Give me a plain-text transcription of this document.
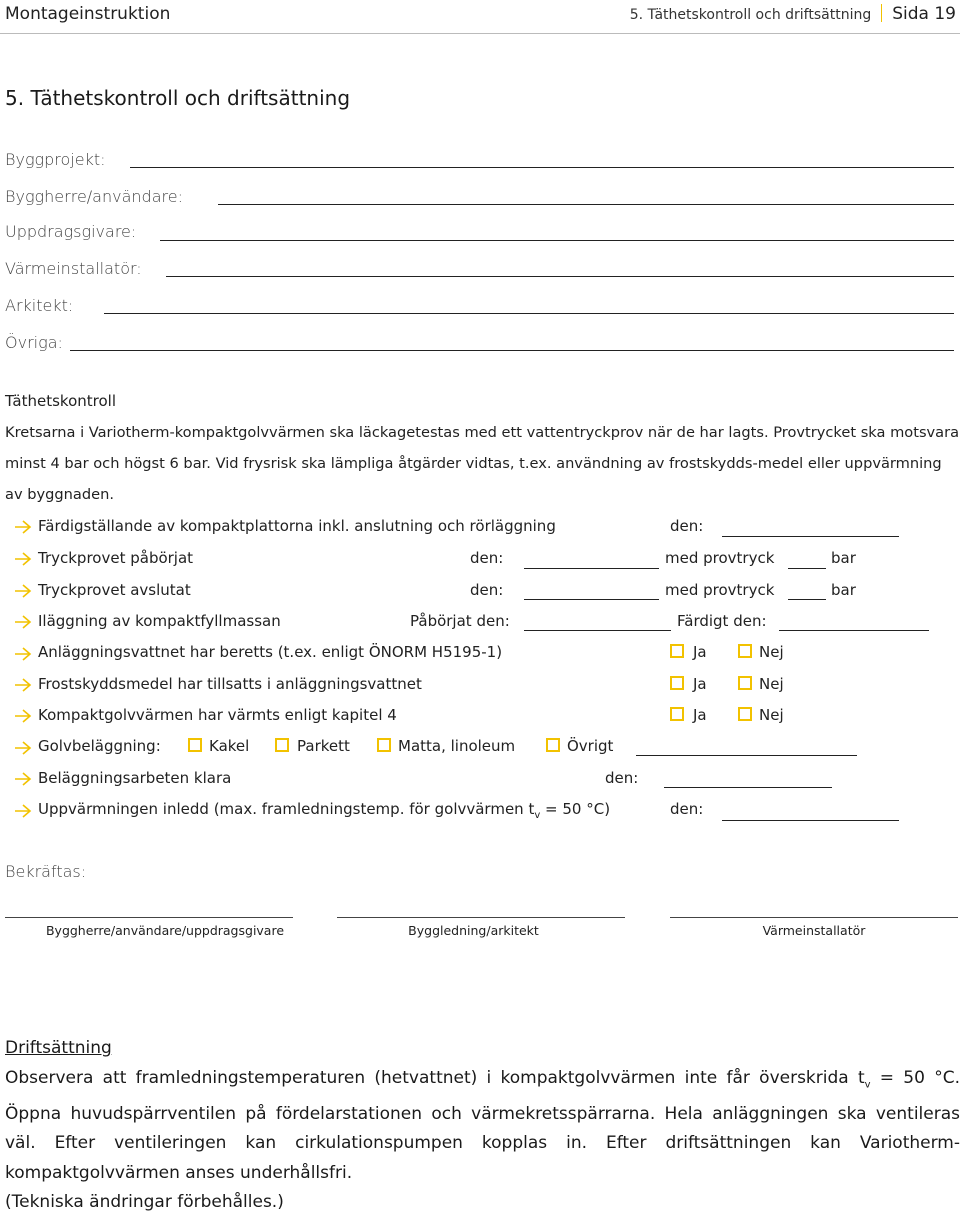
Montageinstruktion	5. Täthetskontroll och driftsättning Sida 19
5. Täthetskontroll och driftsättning
Byggprojekt:
Byggherre/användare:
Uppdragsgivare:
Värmeinstallatör:
Arkitekt:
Övriga:
Täthetskontroll
Kretsarna i Variotherm-kompaktgolvvärmen ska läckagetestas med ett vattentryckprov när de har lagts. Provtrycket ska motsvara minst 4 bar och högst 6 bar. Vid frysrisk ska lämpliga åtgärder vidtas, t.ex. användning av frostskydds-medel eller uppvärmning av byggnaden.
Färdigställande av kompaktplattorna inkl. anslutning och rörläggning	den:
Tryckprovet påbörjat	den:	med provtryck	bar
Tryckprovet avslutat	den:	med provtryck	bar
Iläggning av kompaktfyllmassan	Påbörjat den:	Färdigt den:
Anläggningsvattnet har beretts (t.ex. enligt ÖNORM H5195-1)	Ja	Nej
Frostskyddsmedel har tillsatts i anläggningsvattnet	Ja	Nej
Kompaktgolvvärmen har värmts enligt kapitel 4	Ja	Nej
Golvbeläggning:	Kakel	Parkett	Matta, linoleum	Övrigt
Beläggningsarbeten klara	den:
Uppvärmningen inledd (max. framledningstemp. för golvvärmen $t_v = 50$ °C)	den:
Bekräftas:
Byggherre/användare/uppdragsgivare	Byggledning/arkitekt	Värmeinstallatör
Driftsättning
Observera att framledningstemperaturen (hetvattnet) i kompaktgolvvärmen inte får överskrida $t_v = 50$ °C. Öppna huvudspärrventilen på fördelarstationen och värmekretsspärrarna. Hela anläggningen ska ventileras väl. Efter ventileringen kan cirkulationspumpen kopplas in. Efter driftsättningen kan Variotherm-kompaktgolvvärmen anses underhållsfri.
(Tekniska ändringar förbehålles.)
